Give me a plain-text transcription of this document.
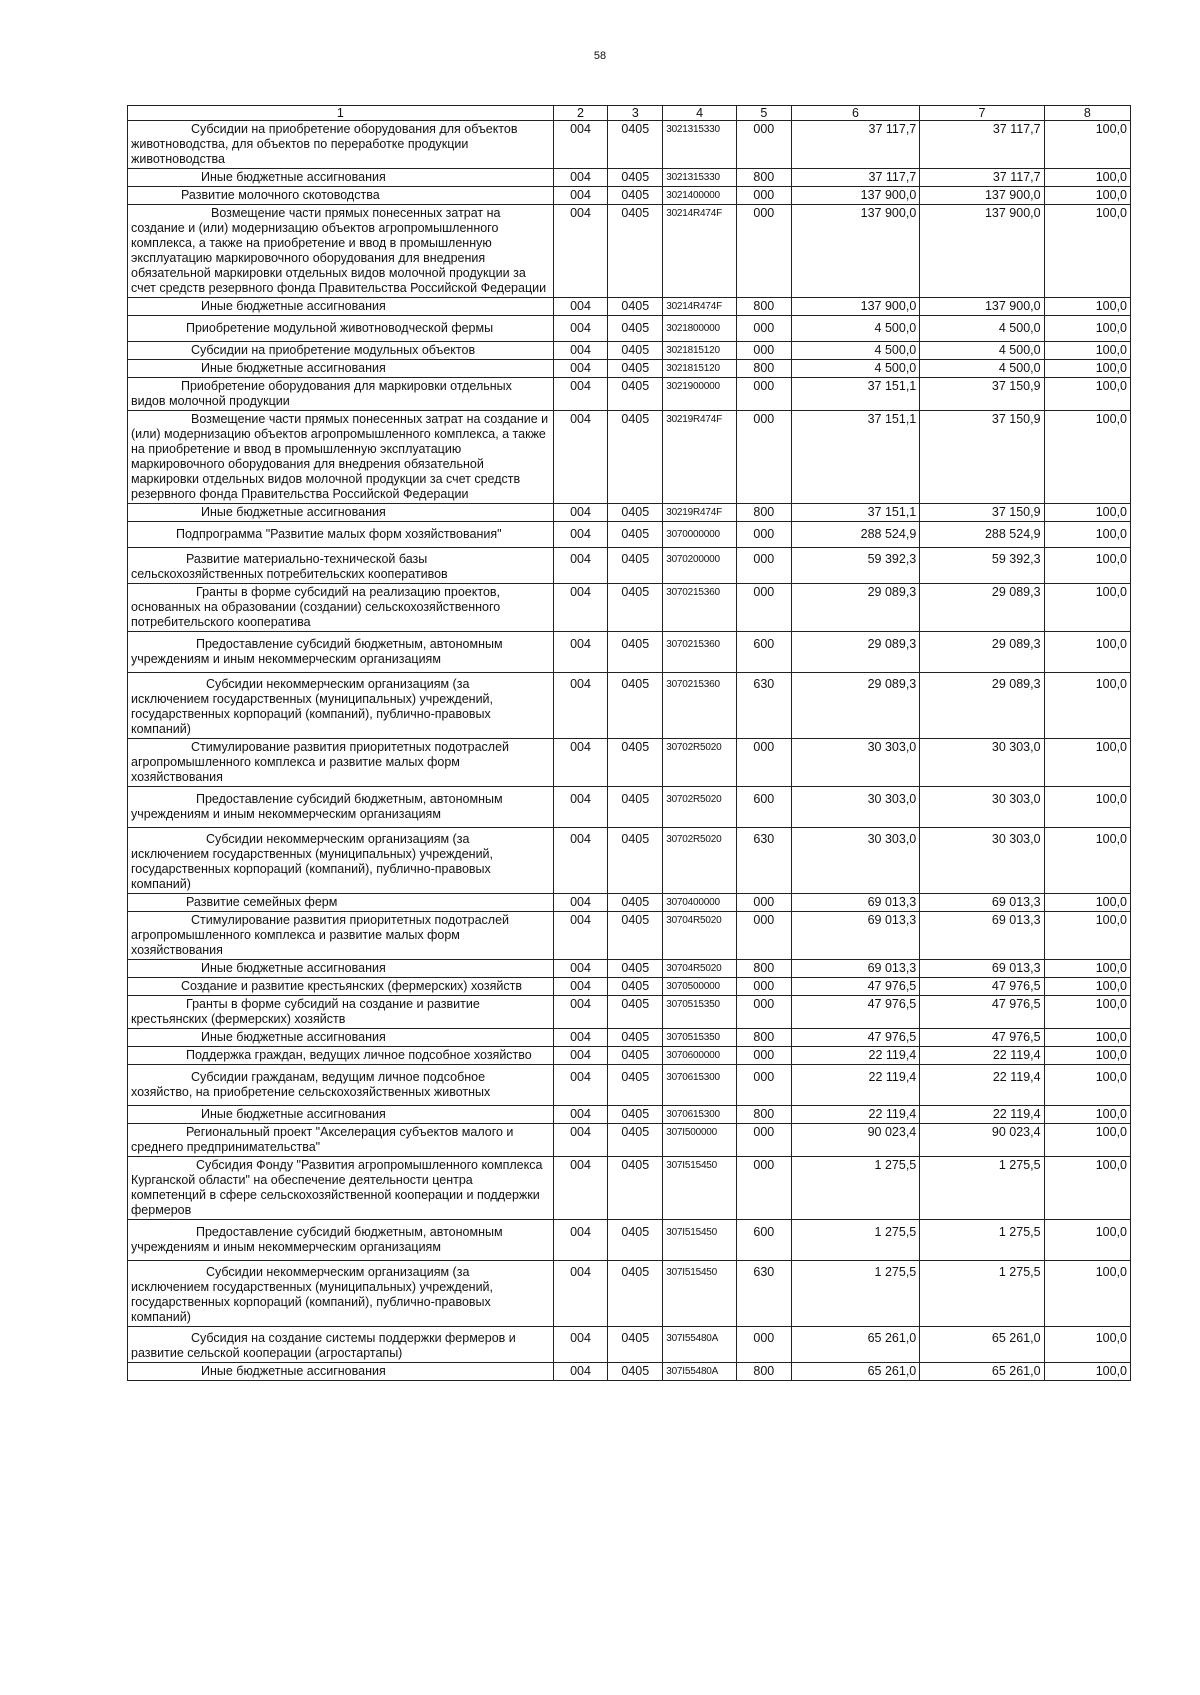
58
1	2	3	4	5	6	7	8
Субсидии на приобретение оборудования для объектов животноводства, для объектов по переработке продукции животноводства	004	0405	3021315330	000	37 117,7	37 117,7	100,0
Иные бюджетные ассигнования	004	0405	3021315330	800	37 117,7	37 117,7	100,0
Развитие молочного скотоводства	004	0405	3021400000	000	137 900,0	137 900,0	100,0
Возмещение части прямых понесенных затрат на создание и (или) модернизацию объектов агропромышленного комплекса, а также на приобретение и ввод в промышленную эксплуатацию маркировочного оборудования для внедрения обязательной маркировки отдельных видов молочной продукции за счет средств резервного фонда Правительства Российской Федерации	004	0405	30214R474F	000	137 900,0	137 900,0	100,0
Иные бюджетные ассигнования	004	0405	30214R474F	800	137 900,0	137 900,0	100,0
Приобретение модульной животноводческой фермы	004	0405	3021800000	000	4 500,0	4 500,0	100,0
Субсидии на приобретение модульных объектов	004	0405	3021815120	000	4 500,0	4 500,0	100,0
Иные бюджетные ассигнования	004	0405	3021815120	800	4 500,0	4 500,0	100,0
Приобретение оборудования для маркировки отдельных видов молочной продукции	004	0405	3021900000	000	37 151,1	37 150,9	100,0
Возмещение части прямых понесенных затрат на создание и (или) модернизацию объектов агропромышленного комплекса, а также на приобретение и ввод в промышленную эксплуатацию маркировочного оборудования для внедрения обязательной маркировки отдельных видов молочной продукции за счет средств резервного фонда Правительства Российской Федерации	004	0405	30219R474F	000	37 151,1	37 150,9	100,0
Иные бюджетные ассигнования	004	0405	30219R474F	800	37 151,1	37 150,9	100,0
Подпрограмма "Развитие малых форм хозяйствования"	004	0405	3070000000	000	288 524,9	288 524,9	100,0
Развитие материально-технической базы сельскохозяйственных потребительских кооперативов	004	0405	3070200000	000	59 392,3	59 392,3	100,0
Гранты в форме субсидий на реализацию проектов, основанных на образовании (создании) сельскохозяйственного потребительского кооператива	004	0405	3070215360	000	29 089,3	29 089,3	100,0
Предоставление субсидий бюджетным, автономным учреждениям и иным некоммерческим организациям	004	0405	3070215360	600	29 089,3	29 089,3	100,0
Субсидии некоммерческим организациям (за исключением государственных (муниципальных) учреждений, государственных корпораций (компаний), публично-правовых компаний)	004	0405	3070215360	630	29 089,3	29 089,3	100,0
Стимулирование развития приоритетных подотраслей агропромышленного комплекса и развитие малых форм хозяйствования	004	0405	30702R5020	000	30 303,0	30 303,0	100,0
Предоставление субсидий бюджетным, автономным учреждениям и иным некоммерческим организациям	004	0405	30702R5020	600	30 303,0	30 303,0	100,0
Субсидии некоммерческим организациям (за исключением государственных (муниципальных) учреждений, государственных корпораций (компаний), публично-правовых компаний)	004	0405	30702R5020	630	30 303,0	30 303,0	100,0
Развитие семейных ферм	004	0405	3070400000	000	69 013,3	69 013,3	100,0
Стимулирование развития приоритетных подотраслей агропромышленного комплекса и развитие малых форм хозяйствования	004	0405	30704R5020	000	69 013,3	69 013,3	100,0
Иные бюджетные ассигнования	004	0405	30704R5020	800	69 013,3	69 013,3	100,0
Создание и развитие крестьянских (фермерских) хозяйств	004	0405	3070500000	000	47 976,5	47 976,5	100,0
Гранты в форме субсидий на создание и развитие крестьянских (фермерских) хозяйств	004	0405	3070515350	000	47 976,5	47 976,5	100,0
Иные бюджетные ассигнования	004	0405	3070515350	800	47 976,5	47 976,5	100,0
Поддержка граждан, ведущих личное подсобное хозяйство	004	0405	3070600000	000	22 119,4	22 119,4	100,0
Субсидии гражданам, ведущим личное подсобное хозяйство, на приобретение сельскохозяйственных животных	004	0405	3070615300	000	22 119,4	22 119,4	100,0
Иные бюджетные ассигнования	004	0405	3070615300	800	22 119,4	22 119,4	100,0
Региональный проект "Акселерация субъектов малого и среднего предпринимательства"	004	0405	307I500000	000	90 023,4	90 023,4	100,0
Субсидия Фонду "Развития агропромышленного комплекса Курганской области" на обеспечение деятельности центра компетенций в сфере сельскохозяйственной кооперации и поддержки фермеров	004	0405	307I515450	000	1 275,5	1 275,5	100,0
Предоставление субсидий бюджетным, автономным учреждениям и иным некоммерческим организациям	004	0405	307I515450	600	1 275,5	1 275,5	100,0
Субсидии некоммерческим организациям (за исключением государственных (муниципальных) учреждений, государственных корпораций (компаний), публично-правовых компаний)	004	0405	307I515450	630	1 275,5	1 275,5	100,0
Субсидия на создание системы поддержки фермеров и развитие сельской кооперации (агростартапы)	004	0405	307I55480A	000	65 261,0	65 261,0	100,0
Иные бюджетные ассигнования	004	0405	307I55480A	800	65 261,0	65 261,0	100,0
